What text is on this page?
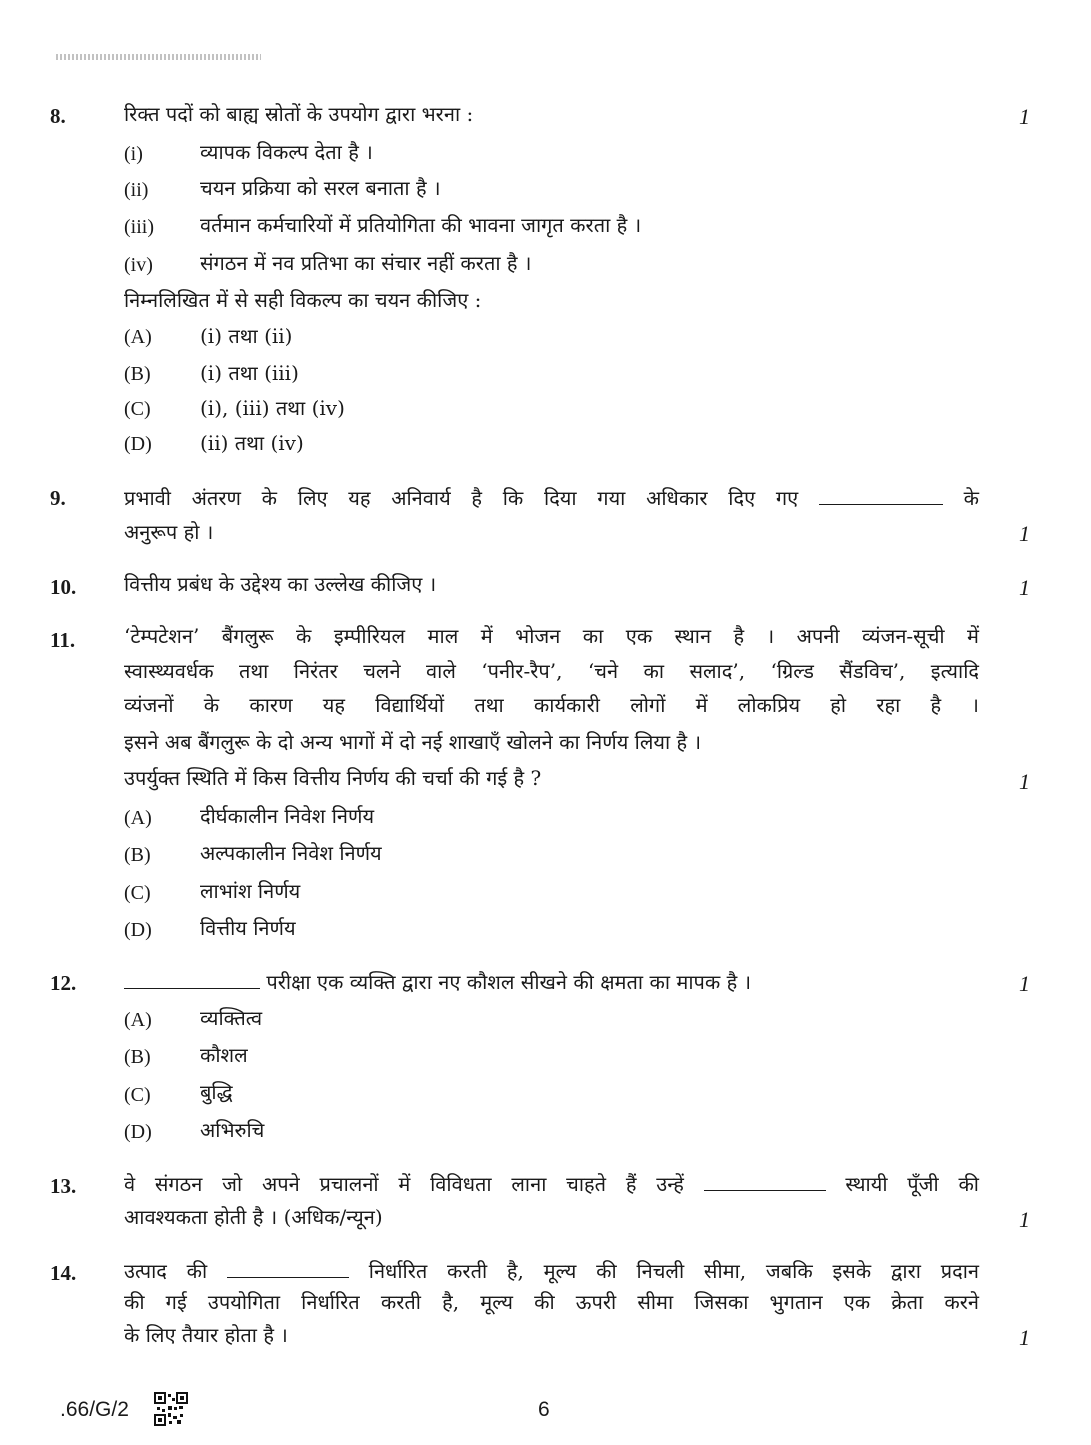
8.	रिक्त पदों को बाह्य स्रोतों के उपयोग द्वारा भरना :	1
(i)	व्यापक विकल्प देता है ।
(ii)	चयन प्रक्रिया को सरल बनाता है ।
(iii) वर्तमान कर्मचारियों में प्रतियोगिता की भावना जागृत करता है ।
(iv) संगठन में नव प्रतिभा का संचार नहीं करता है ।
निम्नलिखित में से सही विकल्प का चयन कीजिए :
(A) (i) तथा (ii)
(B) (i) तथा (iii)
(C) (i), (iii) तथा (iv)
(D) (ii) तथा (iv)
9.	प्रभावी अंतरण के लिए यह अनिवार्य है कि दिया गया अधिकार दिए गए	के
अनुरूप हो ।	1
10. वित्तीय प्रबंध के उद्देश्य का उल्लेख कीजिए ।	1
11. ‘टेम्पटेशन’ बैंगलुरू के इम्पीरियल माल में भोजन का एक स्थान है । अपनी व्यंजन-सूची में
स्वास्थ्यवर्धक तथा निरंतर चलने वाले ‘पनीर-रैप’, ‘चने का सलाद’, ‘ग्रिल्ड सैंडविच’, इत्यादि
व्यंजनों के कारण यह विद्यार्थियों तथा कार्यकारी लोगों में लोकप्रिय हो रहा है ।
इसने अब बैंगलुरू के दो अन्य भागों में दो नई शाखाएँ खोलने का निर्णय लिया है ।
उपर्युक्त स्थिति में किस वित्तीय निर्णय की चर्चा की गई है ?	1
(A) दीर्घकालीन निवेश निर्णय
(B) अल्पकालीन निवेश निर्णय
(C) लाभांश निर्णय
(D) वित्तीय निर्णय
12.	परीक्षा एक व्यक्ति द्वारा नए कौशल सीखने की क्षमता का मापक है ।	1
(A) व्यक्तित्व
(B) कौशल
(C) बुद्धि
(D) अभिरुचि
13. वे संगठन जो अपने प्रचालनों में विविधता लाना चाहते हैं उन्हें	स्थायी पूँजी की
आवश्यकता होती है । (अधिक/न्यून)	1
14. उत्पाद की	निर्धारित करती है, मूल्य की निचली सीमा, जबकि इसके द्वारा प्रदान
की गई उपयोगिता निर्धारित करती है, मूल्य की ऊपरी सीमा जिसका भुगतान एक क्रेता करने
के लिए तैयार होता है ।	1
.66/G/2	6
